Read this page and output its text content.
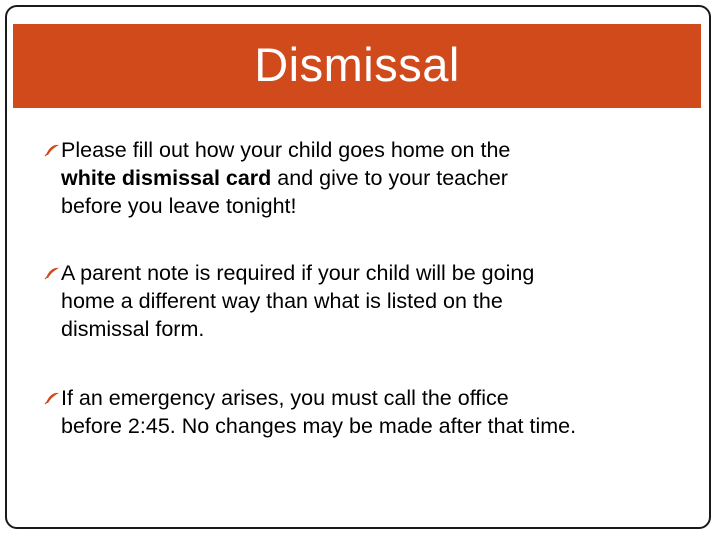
Dismissal
Please fill out how your child goes home on the
white dismissal card and give to your teacher
before you leave tonight!
A parent note is required if your child will be going
home a different way than what is listed on the
dismissal form.
If an emergency arises, you must call the office
before 2:45. No changes may be made after that time.
